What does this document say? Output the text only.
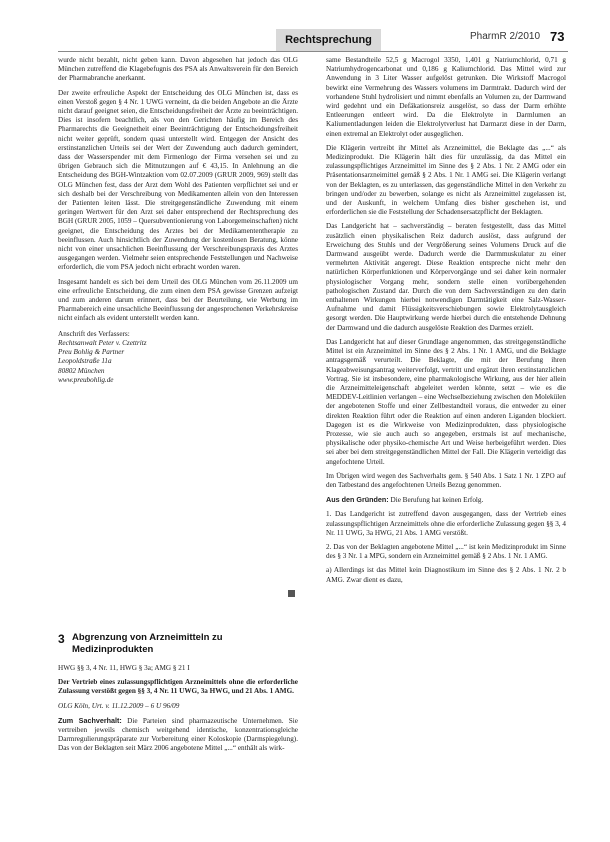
Rechtsprechung	PharmR 2/2010 73

wurde nicht bezahlt, nicht geben kann. Davon abgesehen hat jedoch das OLG München zutreffend die Klagebefugnis des PSA als Anwaltsverein für den Bereich der Pharmabranche anerkannt.

Der zweite erfreuliche Aspekt der Entscheidung des OLG München ist, dass es einen Verstoß gegen § 4 Nr. 1 UWG verneint, da die beiden Angebote an die Ärzte nicht darauf geeignet seien, die Entscheidungsfreiheit der Ärzte zu beeinträchtigen. Dies ist insofern beachtlich, als von den Gerichten häufig im Bereich des Pharmarechts die Geeignetheit einer Beeinträchtigung der Entscheidungsfreiheit nicht weiter geprüft, sondern quasi unterstellt wird. Entgegen der Ansicht des erstinstanzlichen Urteils sei der Wert der Zuwendung auch dadurch gemindert, dass der Wasserspender mit dem Firmenlogo der Firma versehen sei und zu übrigen Gebrauch sich die Mitnutzungen auf € 43,15. In Anlehnung an die Entscheidung des BGH-Wintzaktion vom 02.07.2009 (GRUR 2009, 969) stellt das OLG München fest, dass der Arzt dem Wohl des Patienten verpflichtet sei und er sich deshalb bei der Verschreibung von Medikamenten allein von den Interessen der Patienten leiten lässt. Die streitgegenständliche Zuwendung mit einem geringen Wertwert für den Arzt sei daher entsprechend der Rechtsprechung des BGH (GRUR 2005, 1059 – Quersubventionierung von Laborgemeinschaften) nicht geeignet, die Entscheidung des Arztes bei der Medikamententherapie zu beeinflussen. Auch hinsichtlich der Zuwendung der kostenlosen Beratung, könne nicht von einer unsachlichen Beeinflussung der Verschreibungspraxis des Arztes ausgegangen werden. Vielmehr seien entsprechende Feststellungen und Nachweise erforderlich, die vom PSA jedoch nicht erbracht worden waren.

Insgesamt handelt es sich bei dem Urteil des OLG München vom 26.11.2009 um eine erfreuliche Entscheidung, die zum einen dem PSA gewisse Grenzen aufzeigt und zum anderen darum erinnert, dass bei der Beurteilung, wie Werbung im Pharmabereich eine unsachliche Beeinflussung der angesprochenen Verkehrskreise nicht einfach als evident unterstellt werden kann.

Anschrift des Verfassers:
Rechtsanwalt Peter v. Czettritz
Preu Bohlig & Partner
Leopoldstraße 11a
80802 München
www.preubohlig.de
3 Abgrenzung von Arzneimitteln zu Medizinprodukten

HWG §§ 3, 4 Nr. 11, HWG § 3a; AMG § 21 I

Der Vertrieb eines zulassungspflichtigen Arzneimittels ohne die erforderliche Zulassung verstößt gegen §§ 3, 4 Nr. 11 UWG, 3a HWG, und 21 Abs. 1 AMG.

OLG Köln, Urt. v. 11.12.2009 – 6 U 96/09

Zum Sachverhalt: Die Parteien sind pharmazeutische Unternehmen. Sie vertreiben jeweils chemisch weitgehend identische, konzentrationsgleiche Darmregulierungspräparate zur Vorbereitung einer Koloskopie (Darmspiegelung). Das von der Beklagten seit März 2006 angebotene Mittel „...“ enthält als wirk-

same Bestandteile 52,5 g Macrogol 3350, 1,401 g Natriumchlorid, 0,71 g Natriumhydrogencarbonat und 0,186 g Kaliumchlorid. Das Mittel wird zur Anwendung in 3 Liter Wasser aufgelöst getrunken. Die Wirkstoff Macrogol bewirkt eine Vermehrung des Wassers volumens im Darmtrakt. Dadurch wird der vorhandene Stuhl hydrolisiert und nimmt ebenfalls an Volumen zu, der Darmwand wird gedehnt und ein Defäkationsreiz ausgelöst, so dass der Darm erhöhte Entleerungen entleert wird. Da die Elektrolyte in Darmlumen an Kaliumentladungen leiden die Elektrolytverlust hat Darmarzt diese in der Darm, einen extremal an Elektrolyt oder ausgeglichen.

Die Klägerin vertreibt ihr Mittel als Arzneimittel, die Beklagte das „...“ als Medizinprodukt. Die Klägerin hält dies für unzulässig, da das Mittel ein zulassungspflichtiges Arzneimittel im Sinne des § 2 Abs. 1 Nr. 2 AMG oder ein Präsentationsarzneimittel gemäß § 2 Abs. 1 Nr. 1 AMG sei. Die Klägerin verlangt von der Beklagten, es zu unterlassen, das gegenständliche Mittel in den Verkehr zu bringen und/oder zu bewerben, solange es nicht als Arzneimittel zugelassen ist, und der Auskunft, in welchem Umfang dies bisher geschehen ist, und erforderlichen sie die Feststellung der Schadensersatzpflicht der Beklagten.

Das Landgericht hat – sachverständig – beraten festgestellt, dass das Mittel zusätzlich einen physikalischen Reiz dadurch auslöst, dass aufgrund der Erweichung des Stuhls und der Vergrößerung seines Volumens Druck auf die Darmwand ausgeübt werde. Dadurch werde die Darmmuskulatur zu einer vermehrten Aktivität angeregt. Diese Reaktion entspreche nicht mehr den natürlichen Körperfunktionen und Körpervorgänge und sei daher kein normaler physiologischer Vorgang mehr, sondern stelle einen vorübergehenden pathologischen Zustand dar. Durch die von dem Sachverständigen zu den darin enthaltenen Wirkungen hierbei notwendigen Darmtätigkeit eine Salz-Wasser-Aufnahme und damit Flüssigkeitsverschiebungen sowie Elektrolytausgleich gesorgt werden. Die Hauptwirkung werde hierbei durch die entstehende Dehnung der Darmwand und die dadurch ausgelöste Reaktion des Darmes erzielt.

Das Landgericht hat auf dieser Grundlage angenommen, das streitgegenständliche Mittel ist ein Arzneimittel im Sinne des § 2 Abs. 1 Nr. 1 AMG, und die Beklagte antragsgemäß verurteilt. Die Beklagte, die mit der Berufung ihren Klageabweisungsantrag weiterverfolgt, vertritt und ergänzt ihren erstinstanzlichen Vortrag. Sie ist insbesondere, eine pharmakologische Wirkung, aus der hier allein die Arzneimitteleigenschaft abgeleitet werden könnte, setzt – wie es die MEDDEV-Leitlinien verlangen – eine Wechselbeziehung zwischen den Molekülen der angebotenen Stoffe und einer Zellbestandteil voraus, die entweder zu einer direkten Reaktion führt oder die Reaktion auf einen anderen Liganden blockiert. Dagegen ist es die Wirkweise von Medizinprodukten, dass physiologische Prozesse, wie sie auch auch so angegeben, erstmals ist auf mechanische, physikalische oder physiko-chemische Art und Weise herbeigeführt werden. Dies sei aber bei dem streitgegenständlichen Mittel der Fall. Die Klägerin verteidigt das angefochtene Urteil.

Im Übrigen wird wegen des Sachverhalts gem. § 540 Abs. 1 Satz 1 Nr. 1 ZPO auf den Tatbestand des angefochtenen Urteils Bezug genommen.

Aus den Gründen: Die Berufung hat keinen Erfolg.

1. Das Landgericht ist zutreffend davon ausgegangen, dass der Vertrieb eines zulassungspflichtigen Arzneimittels ohne die erforderliche Zulassung gegen §§ 3, 4 Nr. 11 UWG, 3a HWG, 21 Abs. 1 AMG verstößt.

2. Das von der Beklagten angebotene Mittel „...“ ist kein Medizinprodukt im Sinne des § 3 Nr. 1 a MPG, sondern ein Arzneimittel gemäß § 2 Abs. 1 Nr. 1 AMG.

a) Allerdings ist das Mittel kein Diagnostikum im Sinne des § 2 Abs. 1 Nr. 2 b AMG. Zwar dient es dazu,
